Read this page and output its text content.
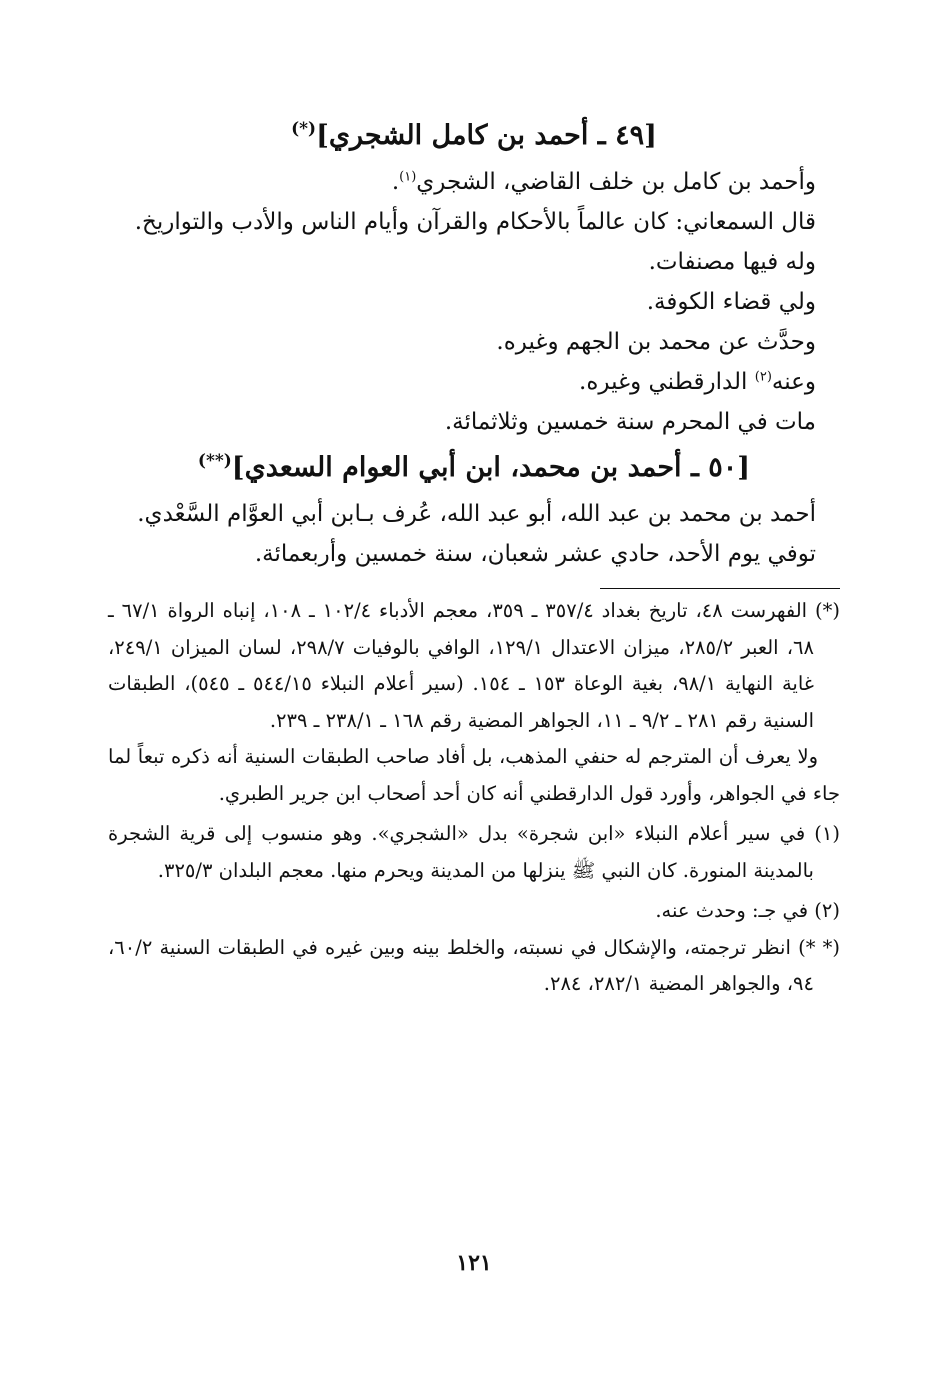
[٤٩ ـ أحمد بن كامل الشجري](*)

وأحمد بن كامل بن خلف القاضي، الشجري$^{(١)}$.

قال السمعاني: كان عالماً بالأحكام والقرآن وأيام الناس والأدب والتواريخ.

وله فيها مصنفات.

ولي قضاء الكوفة.

وحدَّث عن محمد بن الجهم وغيره.

وعنه$^{(٢)}$ الدارقطني وغيره.

مات في المحرم سنة خمسين وثلاثمائة.

[٥٠ ـ أحمد بن محمد، ابن أبي العوام السعدي](**)

أحمد بن محمد بن عبد الله، أبو عبد الله، عُرف بـابن أبي العوَّام السَّعْدي.

توفي يوم الأحد، حادي عشر شعبان، سنة خمسين وأربعمائة.

(*) الفهرست ٤٨، تاريخ بغداد ٣٥٧/٤ ـ ٣٥٩، معجم الأدباء ١٠٢/٤ ـ ١٠٨، إنباه الرواة ٦٧/١ ـ ٦٨، العبر ٢٨٥/٢، ميزان الاعتدال ١٢٩/١، الوافي بالوفيات ٢٩٨/٧، لسان الميزان ٢٤٩/١، غاية النهاية ٩٨/١، بغية الوعاة ١٥٣ ـ ١٥٤. (سير أعلام النبلاء ٥٤٤/١٥ ـ ٥٤٥)، الطبقات السنية رقم ٢٨١ ـ ٩/٢ ـ ١١، الجواهر المضية رقم ١٦٨ ـ ٢٣٨/١ ـ ٢٣٩.

ولا يعرف أن المترجم له حنفي المذهب، بل أفاد صاحب الطبقات السنية أنه ذكره تبعاً لما جاء في الجواهر، وأورد قول الدارقطني أنه كان أحد أصحاب ابن جرير الطبري.

(١) في سير أعلام النبلاء «ابن شجرة» بدل «الشجري». وهو منسوب إلى قرية الشجرة بالمدينة المنورة. كان النبي ﷺ ينزلها من المدينة ويحرم منها. معجم البلدان ٣٢٥/٣.

(٢) في جـ: وحدث عنه.

(* *) انظر ترجمته، والإشكال في نسبته، والخلط بينه وبين غيره في الطبقات السنية ٦٠/٢، ٩٤، والجواهر المضية ٢٨٢/١، ٢٨٤.

١٢١
